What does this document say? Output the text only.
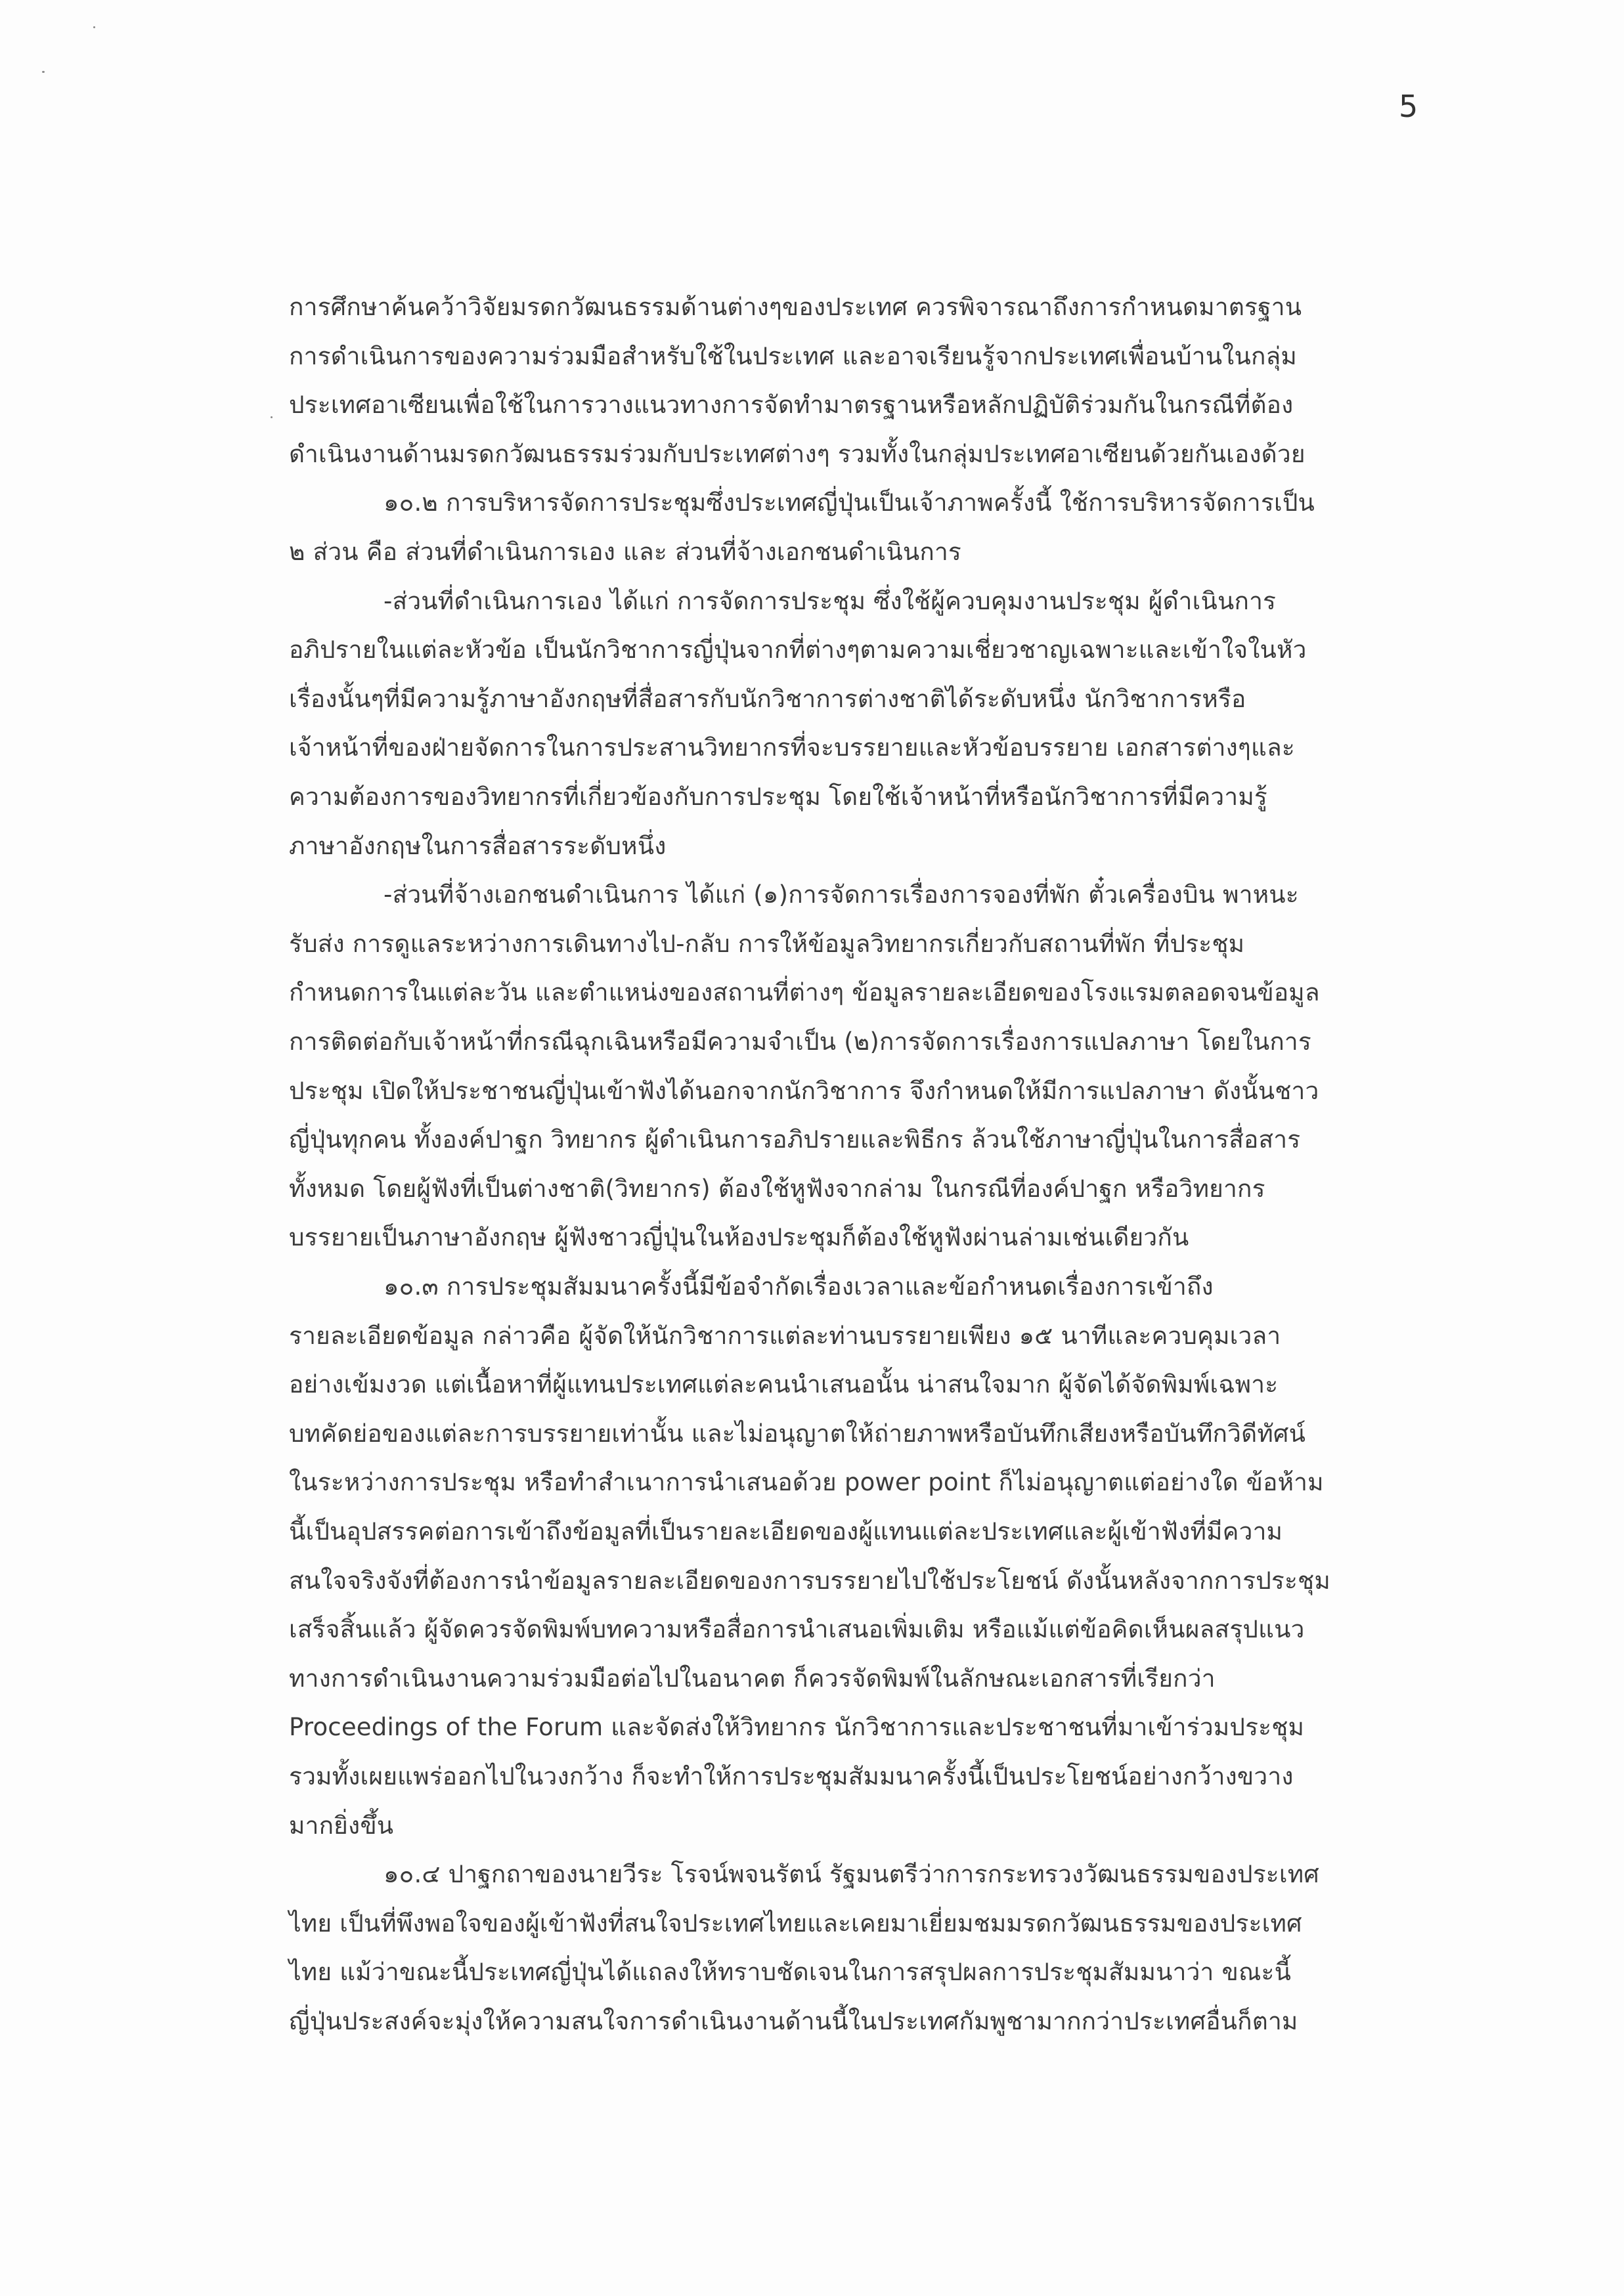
5
การศึกษาค้นคว้าวิจัยมรดกวัฒนธรรมด้านต่างๆของประเทศ ควรพิจารณาถึงการกำหนดมาตรฐาน
การดำเนินการของความร่วมมือสำหรับใช้ในประเทศ และอาจเรียนรู้จากประเทศเพื่อนบ้านในกลุ่ม
ประเทศอาเซียนเพื่อใช้ในการวางแนวทางการจัดทำมาตรฐานหรือหลักปฏิบัติร่วมกันในกรณีที่ต้อง
ดำเนินงานด้านมรดกวัฒนธรรมร่วมกับประเทศต่างๆ รวมทั้งในกลุ่มประเทศอาเซียนด้วยกันเองด้วย
๑๐.๒ การบริหารจัดการประชุมซึ่งประเทศญี่ปุ่นเป็นเจ้าภาพครั้งนี้ ใช้การบริหารจัดการเป็น
๒ ส่วน คือ ส่วนที่ดำเนินการเอง และ ส่วนที่จ้างเอกชนดำเนินการ
-ส่วนที่ดำเนินการเอง ได้แก่ การจัดการประชุม ซึ่งใช้ผู้ควบคุมงานประชุม ผู้ดำเนินการ
อภิปรายในแต่ละหัวข้อ เป็นนักวิชาการญี่ปุ่นจากที่ต่างๆตามความเชี่ยวชาญเฉพาะและเข้าใจในหัว
เรื่องนั้นๆที่มีความรู้ภาษาอังกฤษที่สื่อสารกับนักวิชาการต่างชาติได้ระดับหนึ่ง นักวิชาการหรือ
เจ้าหน้าที่ของฝ่ายจัดการในการประสานวิทยากรที่จะบรรยายและหัวข้อบรรยาย เอกสารต่างๆและ
ความต้องการของวิทยากรที่เกี่ยวข้องกับการประชุม โดยใช้เจ้าหน้าที่หรือนักวิชาการที่มีความรู้
ภาษาอังกฤษในการสื่อสารระดับหนึ่ง
-ส่วนที่จ้างเอกชนดำเนินการ ได้แก่ (๑)การจัดการเรื่องการจองที่พัก ตั๋วเครื่องบิน พาหนะ
รับส่ง การดูแลระหว่างการเดินทางไป-กลับ การให้ข้อมูลวิทยากรเกี่ยวกับสถานที่พัก ที่ประชุม
กำหนดการในแต่ละวัน และตำแหน่งของสถานที่ต่างๆ ข้อมูลรายละเอียดของโรงแรมตลอดจนข้อมูล
การติดต่อกับเจ้าหน้าที่กรณีฉุกเฉินหรือมีความจำเป็น (๒)การจัดการเรื่องการแปลภาษา โดยในการ
ประชุม เปิดให้ประชาชนญี่ปุ่นเข้าฟังได้นอกจากนักวิชาการ จึงกำหนดให้มีการแปลภาษา ดังนั้นชาว
ญี่ปุ่นทุกคน ทั้งองค์ปาฐก วิทยากร ผู้ดำเนินการอภิปรายและพิธีกร ล้วนใช้ภาษาญี่ปุ่นในการสื่อสาร
ทั้งหมด โดยผู้ฟังที่เป็นต่างชาติ(วิทยากร) ต้องใช้หูฟังจากล่าม ในกรณีที่องค์ปาฐก หรือวิทยากร
บรรยายเป็นภาษาอังกฤษ ผู้ฟังชาวญี่ปุ่นในห้องประชุมก็ต้องใช้หูฟังผ่านล่ามเช่นเดียวกัน
๑๐.๓ การประชุมสัมมนาครั้งนี้มีข้อจำกัดเรื่องเวลาและข้อกำหนดเรื่องการเข้าถึง
รายละเอียดข้อมูล กล่าวคือ ผู้จัดให้นักวิชาการแต่ละท่านบรรยายเพียง ๑๕ นาทีและควบคุมเวลา
อย่างเข้มงวด แต่เนื้อหาที่ผู้แทนประเทศแต่ละคนนำเสนอนั้น น่าสนใจมาก ผู้จัดได้จัดพิมพ์เฉพาะ
บทคัดย่อของแต่ละการบรรยายเท่านั้น และไม่อนุญาตให้ถ่ายภาพหรือบันทึกเสียงหรือบันทึกวิดีทัศน์
ในระหว่างการประชุม หรือทำสำเนาการนำเสนอด้วย power point ก็ไม่อนุญาตแต่อย่างใด ข้อห้าม
นี้เป็นอุปสรรคต่อการเข้าถึงข้อมูลที่เป็นรายละเอียดของผู้แทนแต่ละประเทศและผู้เข้าฟังที่มีความ
สนใจจริงจังที่ต้องการนำข้อมูลรายละเอียดของการบรรยายไปใช้ประโยชน์ ดังนั้นหลังจากการประชุม
เสร็จสิ้นแล้ว ผู้จัดควรจัดพิมพ์บทความหรือสื่อการนำเสนอเพิ่มเติม หรือแม้แต่ข้อคิดเห็นผลสรุปแนว
ทางการดำเนินงานความร่วมมือต่อไปในอนาคต ก็ควรจัดพิมพ์ในลักษณะเอกสารที่เรียกว่า
Proceedings of the Forum และจัดส่งให้วิทยากร นักวิชาการและประชาชนที่มาเข้าร่วมประชุม
รวมทั้งเผยแพร่ออกไปในวงกว้าง ก็จะทำให้การประชุมสัมมนาครั้งนี้เป็นประโยชน์อย่างกว้างขวาง
มากยิ่งขึ้น
๑๐.๔ ปาฐกถาของนายวีระ โรจน์พจนรัตน์ รัฐมนตรีว่าการกระทรวงวัฒนธรรมของประเทศ
ไทย เป็นที่พึงพอใจของผู้เข้าฟังที่สนใจประเทศไทยและเคยมาเยี่ยมชมมรดกวัฒนธรรมของประเทศ
ไทย แม้ว่าขณะนี้ประเทศญี่ปุ่นได้แถลงให้ทราบชัดเจนในการสรุปผลการประชุมสัมมนาว่า ขณะนี้
ญี่ปุ่นประสงค์จะมุ่งให้ความสนใจการดำเนินงานด้านนี้ในประเทศกัมพูชามากกว่าประเทศอื่นก็ตาม
